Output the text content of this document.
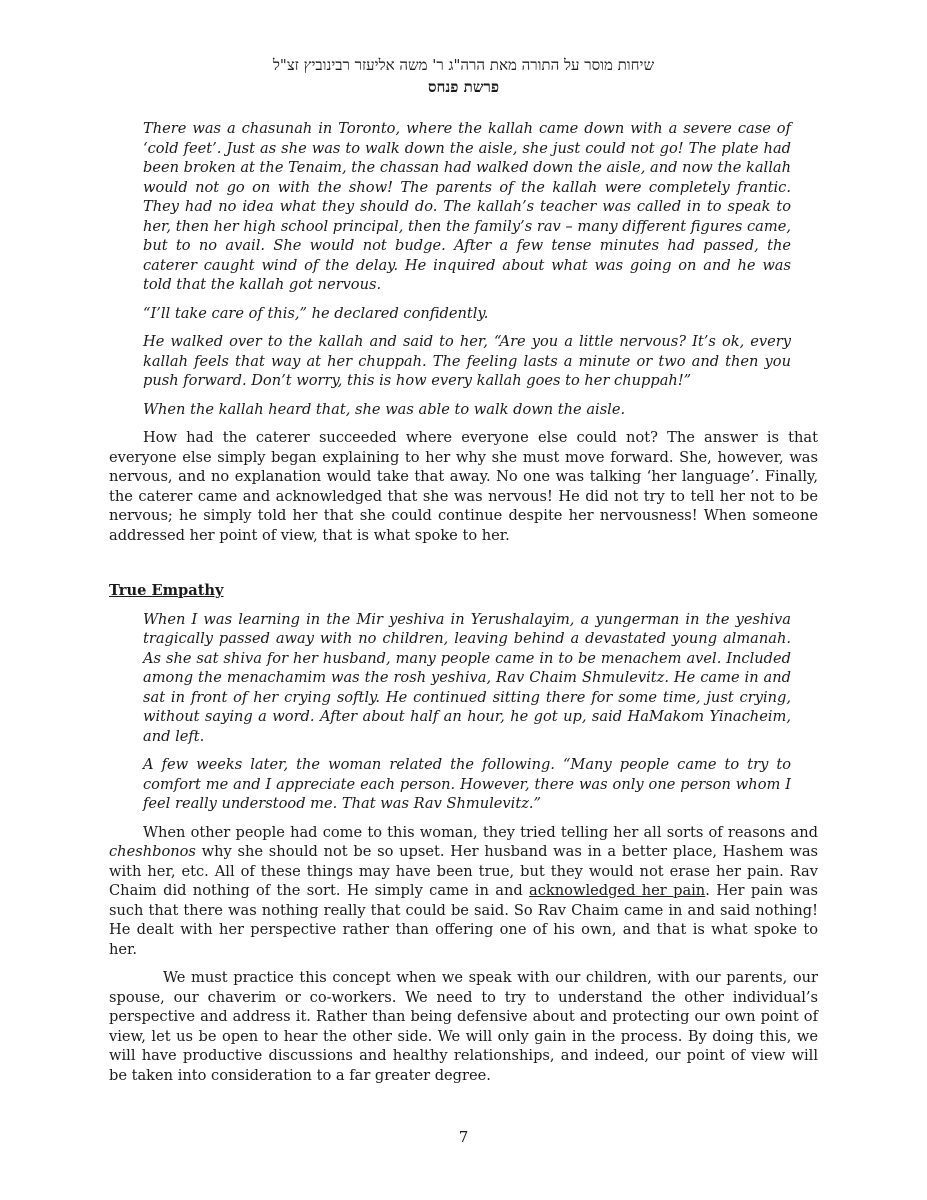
שיחות מוסר על התורה מאת הרה"ג ר' משה אליעזר רבינוביץ זצ"ל
פרשת פנחס

There was a chasunah in Toronto, where the kallah came down with a severe case of ‘cold feet’. Just as she was to walk down the aisle, she just could not go! The plate had been broken at the Tenaim, the chassan had walked down the aisle, and now the kallah would not go on with the show! The parents of the kallah were completely frantic. They had no idea what they should do. The kallah’s teacher was called in to speak to her, then her high school principal, then the family’s rav – many different figures came, but to no avail. She would not budge. After a few tense minutes had passed, the caterer caught wind of the delay. He inquired about what was going on and he was told that the kallah got nervous.

“I’ll take care of this,” he declared confidently.

He walked over to the kallah and said to her, “Are you a little nervous? It’s ok, every kallah feels that way at her chuppah. The feeling lasts a minute or two and then you push forward. Don’t worry, this is how every kallah goes to her chuppah!”

When the kallah heard that, she was able to walk down the aisle.

How had the caterer succeeded where everyone else could not? The answer is that everyone else simply began explaining to her why she must move forward. She, however, was nervous, and no explanation would take that away. No one was talking ‘her language’. Finally, the caterer came and acknowledged that she was nervous! He did not try to tell her not to be nervous; he simply told her that she could continue despite her nervousness! When someone addressed her point of view, that is what spoke to her.

True Empathy

When I was learning in the Mir yeshiva in Yerushalayim, a yungerman in the yeshiva tragically passed away with no children, leaving behind a devastated young almanah. As she sat shiva for her husband, many people came in to be menachem avel. Included among the menachamim was the rosh yeshiva, Rav Chaim Shmulevitz. He came in and sat in front of her crying softly. He continued sitting there for some time, just crying, without saying a word. After about half an hour, he got up, said HaMakom Yinacheim, and left.

A few weeks later, the woman related the following. “Many people came to try to comfort me and I appreciate each person. However, there was only one person whom I feel really understood me. That was Rav Shmulevitz.”

When other people had come to this woman, they tried telling her all sorts of reasons and cheshbonos why she should not be so upset. Her husband was in a better place, Hashem was with her, etc. All of these things may have been true, but they would not erase her pain. Rav Chaim did nothing of the sort. He simply came in and acknowledged her pain. Her pain was such that there was nothing really that could be said. So Rav Chaim came in and said nothing! He dealt with her perspective rather than offering one of his own, and that is what spoke to her.

We must practice this concept when we speak with our children, with our parents, our spouse, our chaverim or co-workers. We need to try to understand the other individual’s perspective and address it. Rather than being defensive about and protecting our own point of view, let us be open to hear the other side. We will only gain in the process. By doing this, we will have productive discussions and healthy relationships, and indeed, our point of view will be taken into consideration to a far greater degree.

7
